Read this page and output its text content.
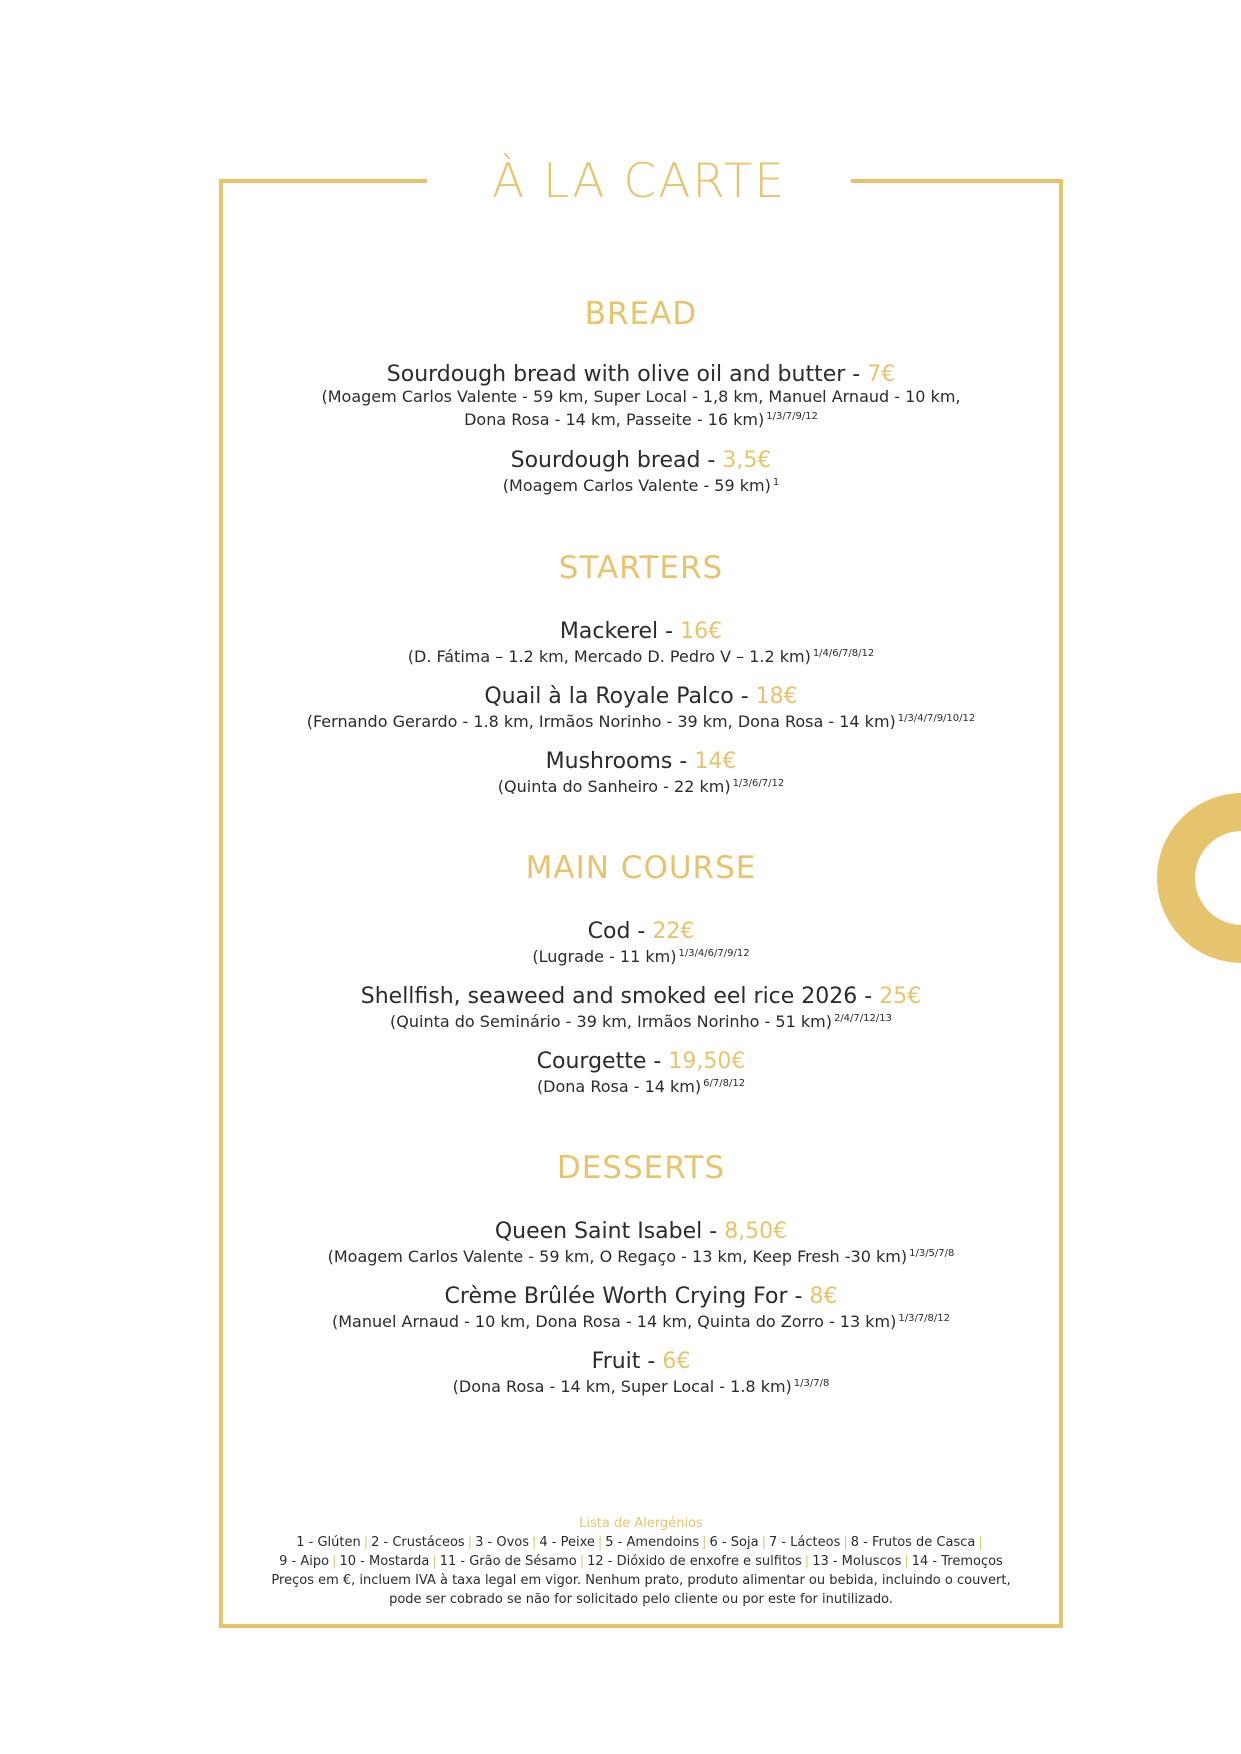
À LA CARTE
BREAD
Sourdough bread with olive oil and butter - 7€
(Moagem Carlos Valente - 59 km, Super Local - 1,8 km, Manuel Arnaud - 10 km,
Dona Rosa - 14 km, Passeite - 16 km) $^{1/3/7/9/12}$
Sourdough bread - 3,5€
(Moagem Carlos Valente - 59 km) $^1$
STARTERS
Mackerel - 16€
(D. Fátima – 1.2 km, Mercado D. Pedro V – 1.2 km) $^{1/4/6/7/8/12}$
Quail à la Royale Palco - 18€
(Fernando Gerardo - 1.8 km, Irmãos Norinho - 39 km, Dona Rosa - 14 km) $^{1/3/4/7/9/10/12}$
Mushrooms - 14€
(Quinta do Sanheiro - 22 km) $^{1/3/6/7/12}$
MAIN COURSE
Cod - 22€
(Lugrade - 11 km) $^{1/3/4/6/7/9/12}$
Shellfish, seaweed and smoked eel rice 2026 - 25€
(Quinta do Seminário - 39 km, Irmãos Norinho - 51 km) $^{2/4/7/12/13}$
Courgette - 19,50€
(Dona Rosa - 14 km) $^{6/7/8/12}$
DESSERTS
Queen Saint Isabel - 8,50€
(Moagem Carlos Valente - 59 km, O Regaço - 13 km, Keep Fresh -30 km) $^{1/3/5/7/8}$
Crème Brûlée Worth Crying For - 8€
(Manuel Arnaud - 10 km, Dona Rosa - 14 km, Quinta do Zorro - 13 km) $^{1/3/7/8/12}$
Fruit - 6€
(Dona Rosa - 14 km, Super Local - 1.8 km) $^{1/3/7/8}$
Lista de Alergénios
1 - Glúten | 2 - Crustáceos | 3 - Ovos | 4 - Peixe | 5 - Amendoins | 6 - Soja | 7 - Lácteos | 8 - Frutos de Casca |
9 - Aipo | 10 - Mostarda | 11 - Grão de Sésamo | 12 - Dióxido de enxofre e sulfitos | 13 - Moluscos | 14 - Tremoços
Preços em €, incluem IVA à taxa legal em vigor. Nenhum prato, produto alimentar ou bebida, incluindo o couvert,
pode ser cobrado se não for solicitado pelo cliente ou por este for inutilizado.
